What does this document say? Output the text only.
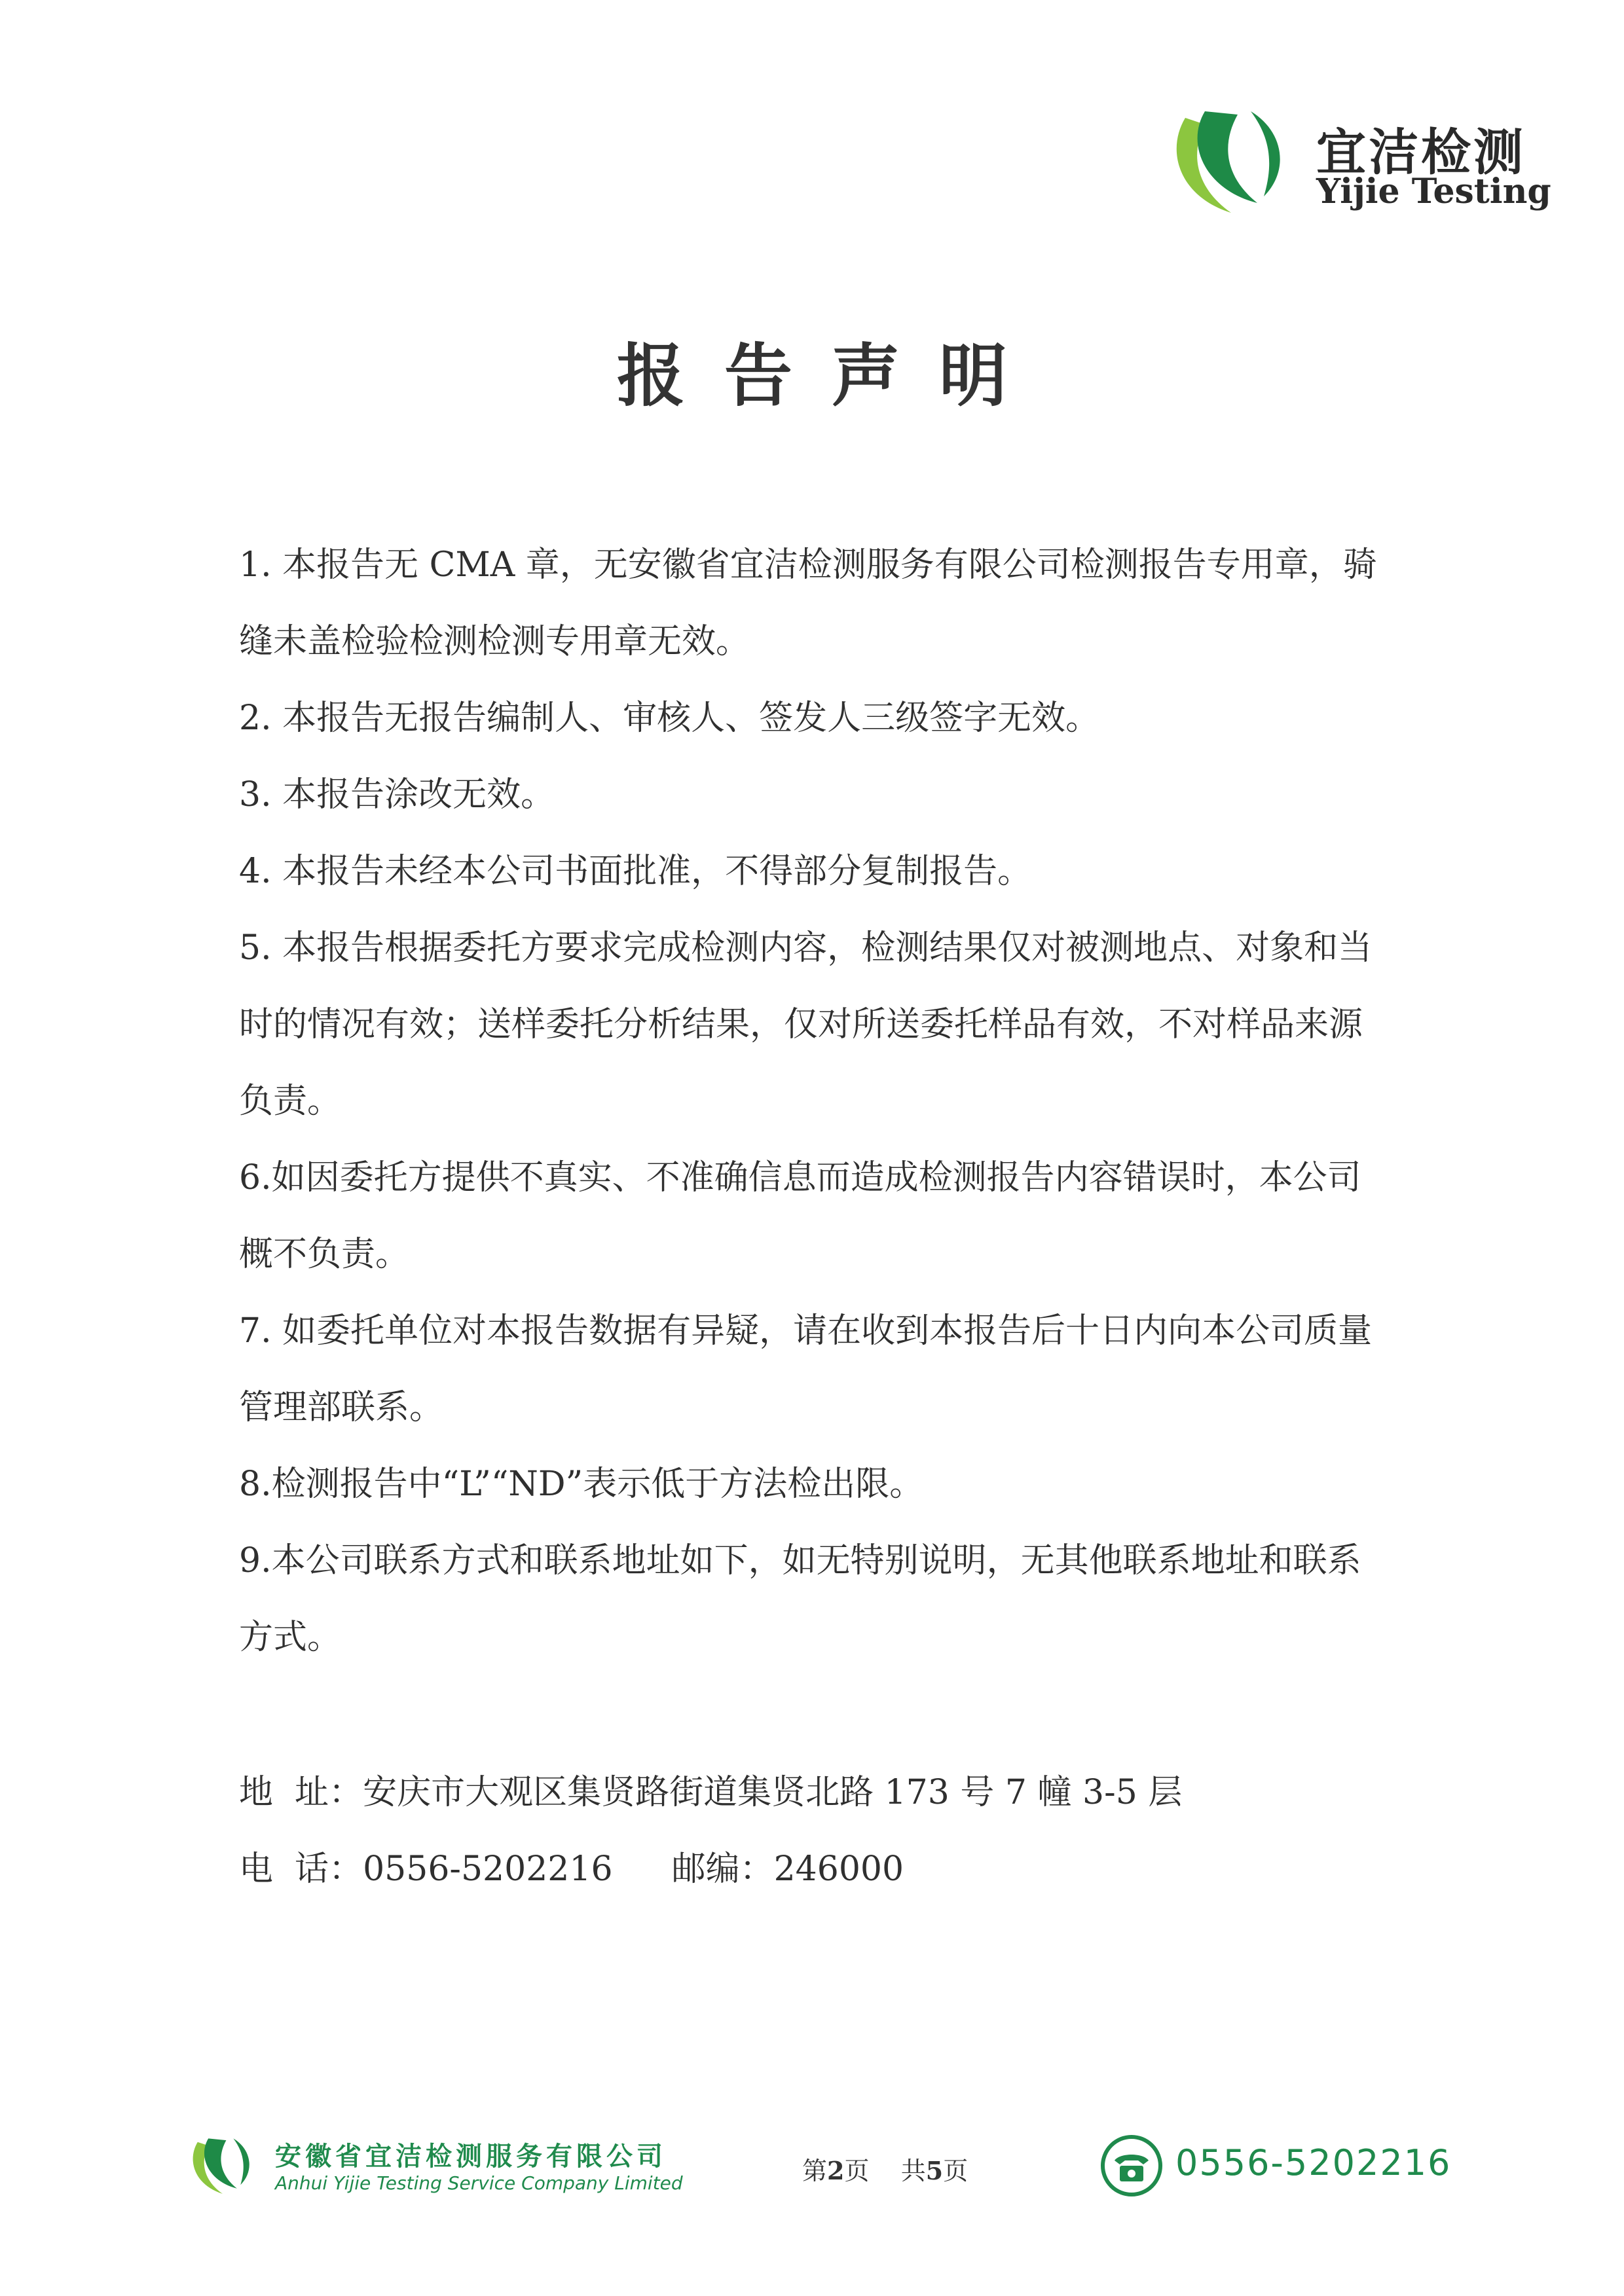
宜洁检测
Yijie Testing
报告声明

1. 本报告无 CMA 章，无安徽省宜洁检测服务有限公司检测报告专用章，骑缝未盖检验检测检测专用章无效。

2. 本报告无报告编制人、审核人、签发人三级签字无效。

3. 本报告涂改无效。

4. 本报告未经本公司书面批准，不得部分复制报告。

5. 本报告根据委托方要求完成检测内容，检测结果仅对被测地点、对象和当时的情况有效；送样委托分析结果，仅对所送委托样品有效，不对样品来源负责。

6.如因委托方提供不真实、不准确信息而造成检测报告内容错误时，本公司概不负责。

7. 如委托单位对本报告数据有异疑，请在收到本报告后十日内向本公司质量管理部联系。

8.检测报告中“L”“ND”表示低于方法检出限。

9.本公司联系方式和联系地址如下，如无特别说明，无其他联系地址和联系方式。

地  址：安庆市大观区集贤路街道集贤北路 173 号 7 幢 3-5 层
电  话：0556-5202216 邮编：246000
安徽省宜洁检测服务有限公司
Anhui Yijie Testing Service Company Limited	第2页    共5页	0556-5202216
